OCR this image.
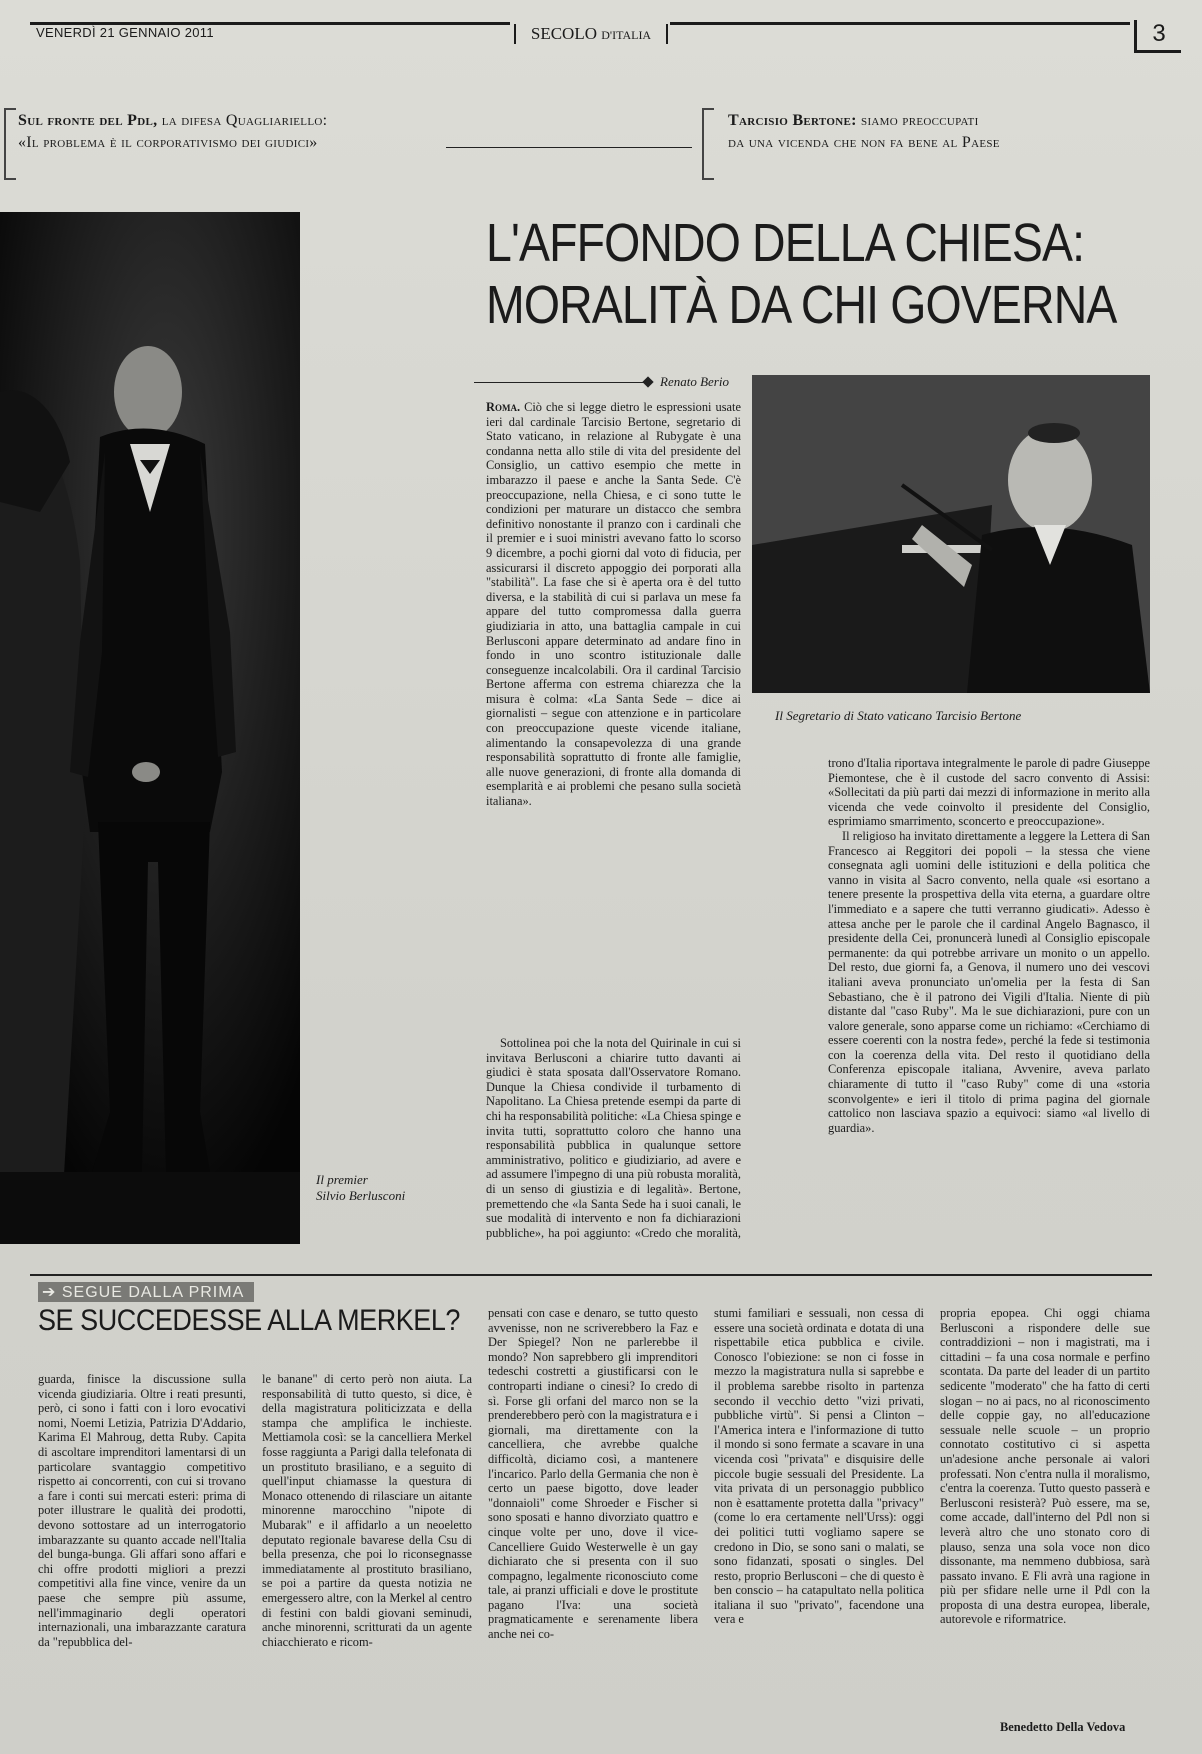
VENERDÌ 21 GENNAIO 2011	SECOLO D'ITALIA	3
Sul fronte del Pdl, la difesa Quagliariello:
«Il problema è il corporativismo dei giudici»
Tarcisio Bertone: siamo preoccupati
da una vicenda che non fa bene al Paese
L'AFFONDO DELLA CHIESA:
MORALITÀ DA CHI GOVERNA
Renato Berio
Il Segretario di Stato vaticano Tarcisio Bertone

Roma. Ciò che si legge dietro le espressioni usate ieri dal cardinale Tarcisio Bertone, segretario di Stato vaticano, in relazione al Rubygate è una condanna netta allo stile di vita del presidente del Consiglio, un cattivo esempio che mette in imbarazzo il paese e anche la Santa Sede. C'è preoccupazione, nella Chiesa, e ci sono tutte le condizioni per maturare un distacco che sembra definitivo nonostante il pranzo con i cardinali che il premier e i suoi ministri avevano fatto lo scorso 9 dicembre, a pochi giorni dal voto di fiducia, per assicurarsi il discreto appoggio dei porporati alla "stabilità". La fase che si è aperta ora è del tutto diversa, e la stabilità di cui si parlava un mese fa appare del tutto compromessa dalla guerra giudiziaria in atto, una battaglia campale in cui Berlusconi appare determinato ad andare fino in fondo in uno scontro istituzionale dalle conseguenze incalcolabili. Ora il cardinal Tarcisio Bertone afferma con estrema chiarezza che la misura è colma: «La Santa Sede – dice ai giornalisti – segue con attenzione e in particolare con preoccupazione queste vicende italiane, alimentando la consapevolezza di una grande responsabilità soprattutto di fronte alle famiglie, alle nuove generazioni, di fronte alla domanda di esemplarità e ai problemi che pesano sulla società italiana».

Sottolinea poi che la nota del Quirinale in cui si invitava Berlusconi a chiarire tutto davanti ai giudici è stata sposata dall'Osservatore Romano. Dunque la Chiesa condivide il turbamento di Napolitano. La Chiesa pretende esempi da parte di chi ha responsabilità politiche: «La Chiesa spinge e invita tutti, soprattutto coloro che hanno una responsabilità pubblica in qualunque settore amministrativo, politico e giudiziario, ad avere e ad assumere l'impegno di una più robusta moralità, di un senso di giustizia e di legalità». Bertone, premettendo che «la Santa Sede ha i suoi canali, le sue modalità di intervento e non fa dichiarazioni pubbliche», ha poi aggiunto: «Credo che moralità,

trono d'Italia riportava integralmente le parole di padre Giuseppe Piemontese, che è il custode del sacro convento di Assisi: «Sollecitati da più parti dai mezzi di informazione in merito alla vicenda che vede coinvolto il presidente del Consiglio, esprimiamo smarrimento, sconcerto e preoccupazione».

Il religioso ha invitato direttamente a leggere la Lettera di San Francesco ai Reggitori dei popoli – la stessa che viene consegnata agli uomini delle istituzioni e della politica che vanno in visita al Sacro convento, nella quale «si esortano a tenere presente la prospettiva della vita eterna, a guardare oltre l'immediato e a sapere che tutti verranno giudicati». Adesso è attesa anche per le parole che il cardinal Angelo Bagnasco, il presidente della Cei, pronuncerà lunedì al Consiglio episcopale permanente: da qui potrebbe arrivare un monito o un appello. Del resto, due giorni fa, a Genova, il numero uno dei vescovi italiani aveva pronunciato un'omelia per la festa di San Sebastiano, che è il patrono dei Vigili d'Italia. Niente di più distante dal "caso Ruby". Ma le sue dichiarazioni, pure con un valore generale, sono apparse come un richiamo: «Cerchiamo di essere coerenti con la nostra fede», perché la fede si testimonia con la coerenza della vita. Del resto il quotidiano della Conferenza episcopale italiana, Avvenire, aveva parlato chiaramente di tutto il "caso Ruby" come di una «storia sconvolgente» e ieri il titolo di prima pagina del giornale cattolico non lasciava spazio a equivoci: siamo «al livello di guardia».

Il premier
Silvio Berlusconi
➔ SEGUE DALLA PRIMA
SE SUCCEDESSE ALLA MERKEL?

guarda, finisce la discussione sulla vicenda giudiziaria. Oltre i reati presunti, però, ci sono i fatti con i loro evocativi nomi, Noemi Letizia, Patrizia D'Addario, Karima El Mahroug, detta Ruby. Capita di ascoltare imprenditori lamentarsi di un particolare svantaggio competitivo rispetto ai concorrenti, con cui si trovano a fare i conti sui mercati esteri: prima di poter illustrare le qualità dei prodotti, devono sottostare ad un interrogatorio imbarazzante su quanto accade nell'Italia del bunga-bunga. Gli affari sono affari e chi offre prodotti migliori a prezzi competitivi alla fine vince, venire da un paese che sempre più assume, nell'immaginario degli operatori internazionali, una imbarazzante caratura da "repubblica del-

le banane" di certo però non aiuta. La responsabilità di tutto questo, si dice, è della magistratura politicizzata e della stampa che amplifica le inchieste. Mettiamola così: se la cancelliera Merkel fosse raggiunta a Parigi dalla telefonata di un prostituto brasiliano, e a seguito di quell'input chiamasse la questura di Monaco ottenendo di rilasciare un aitante minorenne marocchino "nipote di Mubarak" e il affidarlo a un neoeletto deputato regionale bavarese della Csu di bella presenza, che poi lo riconsegnasse immediatamente al prostituto brasiliano, se poi a partire da questa notizia ne emergessero altre, con la Merkel al centro di festini con baldi giovani seminudi, anche minorenni, scritturati da un agente chiacchierato e ricom-

pensati con case e denaro, se tutto questo avvenisse, non ne scriverebbero la Faz e Der Spiegel? Non ne parlerebbe il mondo? Non saprebbero gli imprenditori tedeschi costretti a giustificarsi con le controparti indiane o cinesi? Io credo di sì. Forse gli orfani del marco non se la prenderebbero però con la magistratura e i giornali, ma direttamente con la cancelliera, che avrebbe qualche difficoltà, diciamo così, a mantenere l'incarico. Parlo della Germania che non è certo un paese bigotto, dove leader "donnaioli" come Shroeder e Fischer si sono sposati e hanno divorziato quattro e cinque volte per uno, dove il vice-Cancelliere Guido Westerwelle è un gay dichiarato che si presenta con il suo compagno, legalmente riconosciuto come tale, ai pranzi ufficiali e dove le prostitute pagano l'Iva: una società pragmaticamente e serenamente libera anche nei co-

stumi familiari e sessuali, non cessa di essere una società ordinata e dotata di una rispettabile etica pubblica e civile. Conosco l'obiezione: se non ci fosse in mezzo la magistratura nulla si saprebbe e il problema sarebbe risolto in partenza secondo il vecchio detto "vizi privati, pubbliche virtù". Si pensi a Clinton – l'America intera e l'informazione di tutto il mondo si sono fermate a scavare in una vicenda così "privata" e disquisire delle piccole bugie sessuali del Presidente. La vita privata di un personaggio pubblico non è esattamente protetta dalla "privacy" (come lo era certamente nell'Urss): oggi dei politici tutti vogliamo sapere se credono in Dio, se sono sani o malati, se sono fidanzati, sposati o singles. Del resto, proprio Berlusconi – che di questo è ben conscio – ha catapultato nella politica italiana il suo "privato", facendone una vera e

propria epopea. Chi oggi chiama Berlusconi a rispondere delle sue contraddizioni – non i magistrati, ma i cittadini – fa una cosa normale e perfino scontata. Da parte del leader di un partito sedicente "moderato" che ha fatto di certi slogan – no ai pacs, no al riconoscimento delle coppie gay, no all'educazione sessuale nelle scuole – un proprio connotato costitutivo ci si aspetta un'adesione anche personale ai valori professati. Non c'entra nulla il moralismo, c'entra la coerenza. Tutto questo passerà e Berlusconi resisterà? Può essere, ma se, come accade, dall'interno del Pdl non si leverà altro che uno stonato coro di plauso, senza una sola voce non dico dissonante, ma nemmeno dubbiosa, sarà passato invano. E Fli avrà una ragione in più per sfidare nelle urne il Pdl con la proposta di una destra europea, liberale, autorevole e riformatrice.

Benedetto Della Vedova
